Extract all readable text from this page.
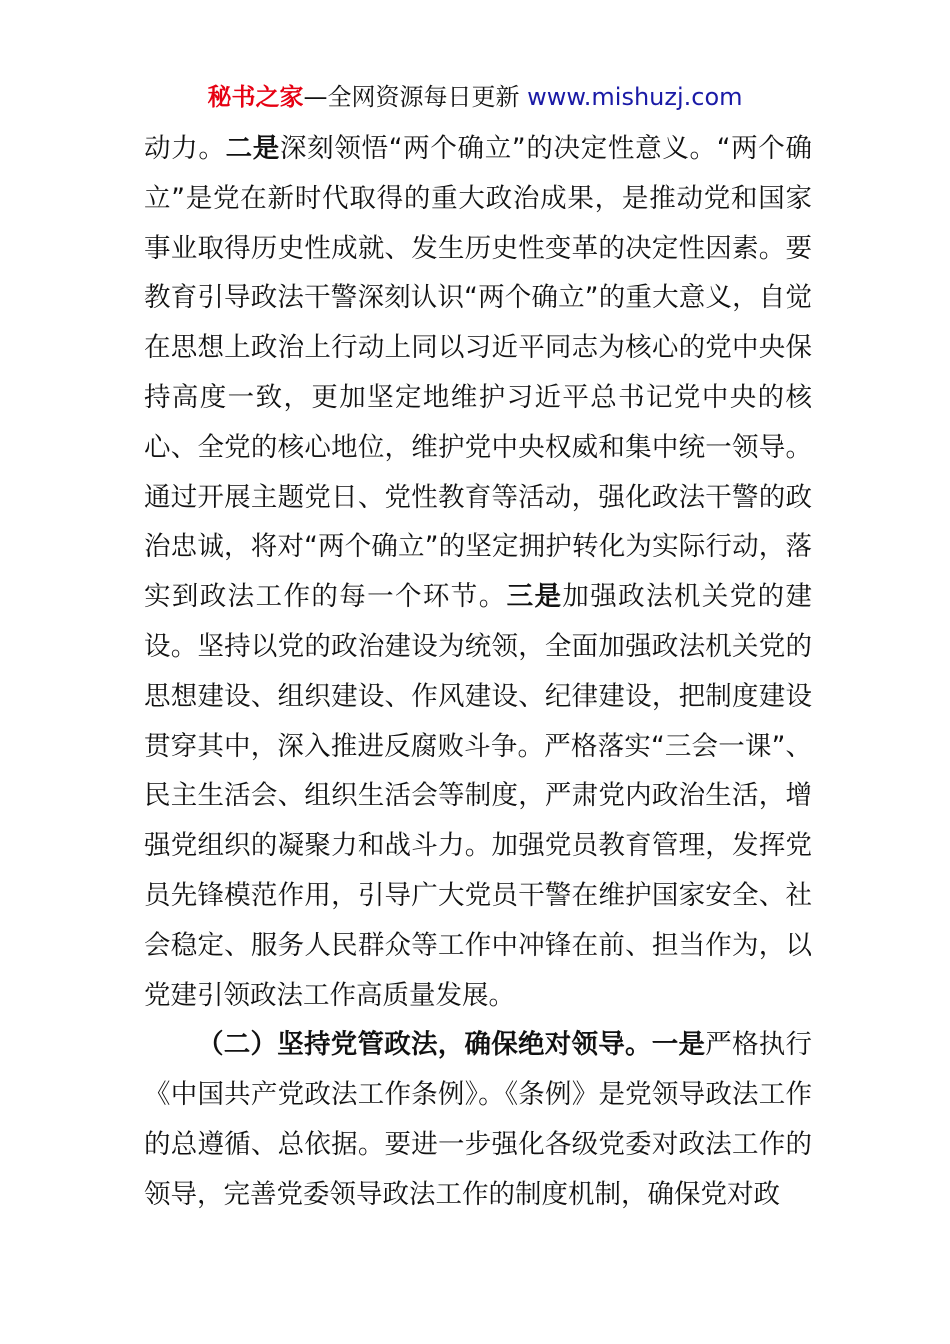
秘书之家—全网资源每日更新 www.mishuzj.com

动力。二是深刻领悟“两个确立”的决定性意义。“两个确立”是党在新时代取得的重大政治成果，是推动党和国家事业取得历史性成就、发生历史性变革的决定性因素。要教育引导政法干警深刻认识“两个确立”的重大意义，自觉在思想上政治上行动上同以习近平同志为核心的党中央保持高度一致，更加坚定地维护习近平总书记党中央的核心、全党的核心地位，维护党中央权威和集中统一领导。通过开展主题党日、党性教育等活动，强化政法干警的政治忠诚，将对“两个确立”的坚定拥护转化为实际行动，落实到政法工作的每一个环节。三是加强政法机关党的建设。坚持以党的政治建设为统领，全面加强政法机关党的思想建设、组织建设、作风建设、纪律建设，把制度建设贯穿其中，深入推进反腐败斗争。严格落实“三会一课”、民主生活会、组织生活会等制度，严肃党内政治生活，增强党组织的凝聚力和战斗力。加强党员教育管理，发挥党员先锋模范作用，引导广大党员干警在维护国家安全、社会稳定、服务人民群众等工作中冲锋在前、担当作为，以党建引领政法工作高质量发展。

（二）坚持党管政法，确保绝对领导。一是严格执行《中国共产党政法工作条例》。《条例》是党领导政法工作的总遵循、总依据。要进一步强化各级党委对政法工作的领导，完善党委领导政法工作的制度机制，确保党对政
